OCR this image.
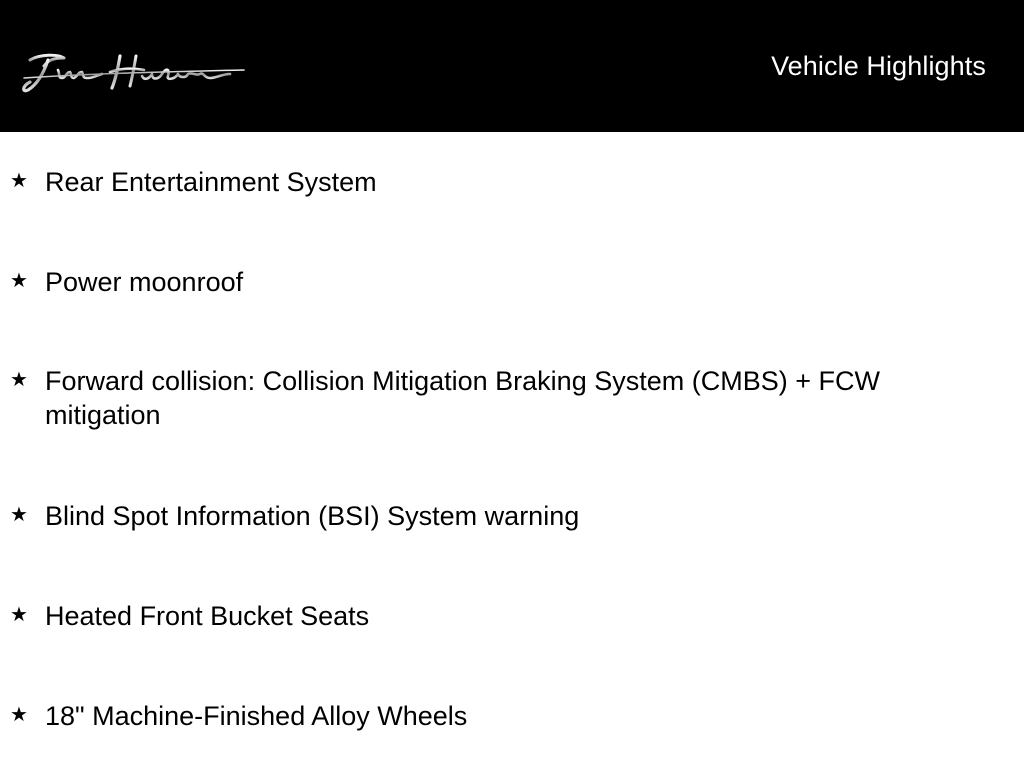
Vehicle Highlights
★ Rear Entertainment System
★ Power moonroof
★ Forward collision: Collision Mitigation Braking System (CMBS) + FCW mitigation
★ Blind Spot Information (BSI) System warning
★ Heated Front Bucket Seats
★ 18" Machine-Finished Alloy Wheels
